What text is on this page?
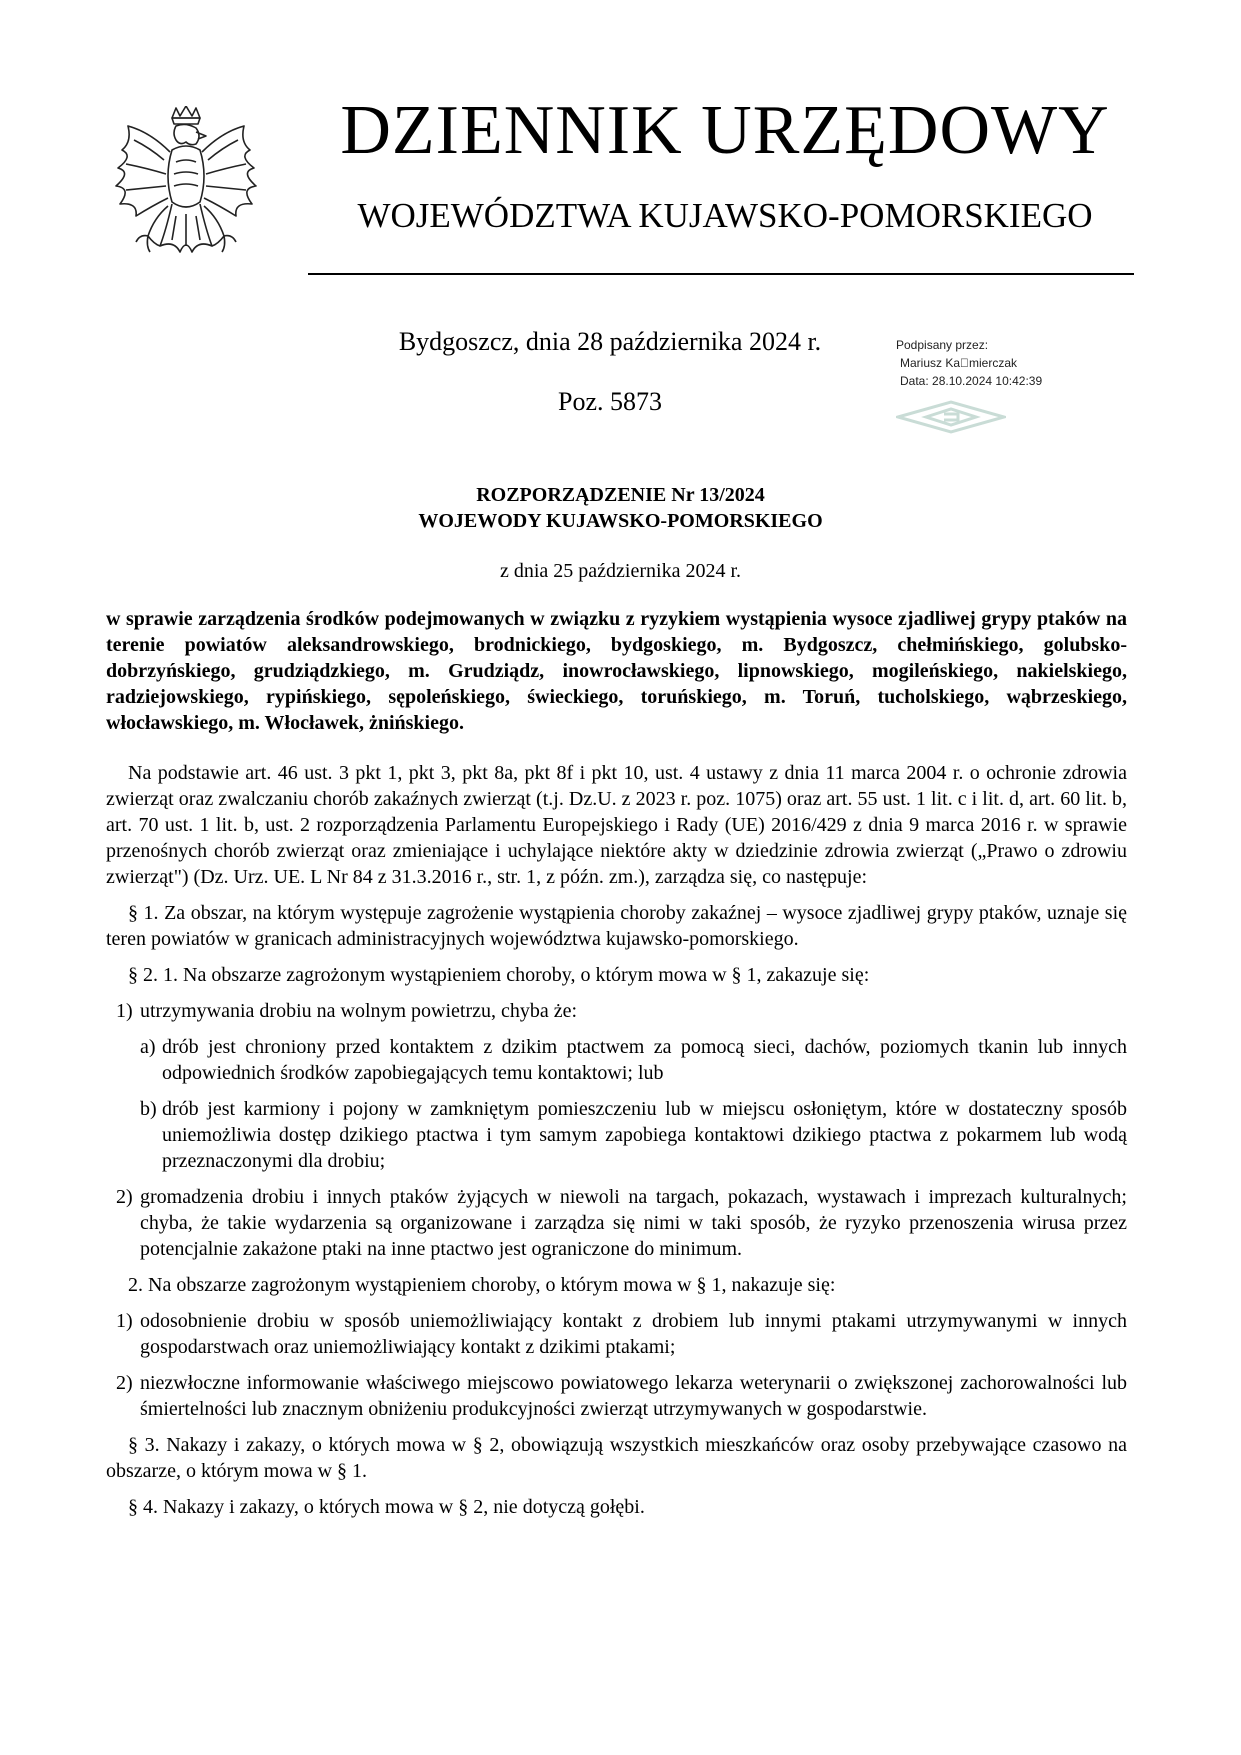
DZIENNIK URZĘDOWY
WOJEWÓDZTWA KUJAWSKO-POMORSKIEGO
Bydgoszcz, dnia 28 października 2024 r.
Poz. 5873
Podpisany przez:
Mariusz Ka mierczak
Data: 28.10.2024 10:42:39
ROZPORZĄDZENIE Nr 13/2024
WOJEWODY KUJAWSKO-POMORSKIEGO
z dnia 25 października 2024 r.

w sprawie zarządzenia środków podejmowanych w związku z ryzykiem wystąpienia wysoce zjadliwej grypy ptaków na terenie powiatów aleksandrowskiego, brodnickiego, bydgoskiego, m. Bydgoszcz, chełmińskiego, golubsko-dobrzyńskiego, grudziądzkiego, m. Grudziądz, inowrocławskiego, lipnowskiego, mogileńskiego, nakielskiego, radziejowskiego, rypińskiego, sępoleńskiego, świeckiego, toruńskiego, m. Toruń, tucholskiego, wąbrzeskiego, włocławskiego, m. Włocławek, żnińskiego.

Na podstawie art. 46 ust. 3 pkt 1, pkt 3, pkt 8a, pkt 8f i pkt 10, ust. 4 ustawy z dnia 11 marca 2004 r. o ochronie zdrowia zwierząt oraz zwalczaniu chorób zakaźnych zwierząt (t.j. Dz.U. z 2023 r. poz. 1075) oraz art. 55 ust. 1 lit. c i lit. d, art. 60 lit. b, art. 70 ust. 1 lit. b, ust. 2 rozporządzenia Parlamentu Europejskiego i Rady (UE) 2016/429 z dnia 9 marca 2016 r. w sprawie przenośnych chorób zwierząt oraz zmieniające i uchylające niektóre akty w dziedzinie zdrowia zwierząt („Prawo o zdrowiu zwierząt") (Dz. Urz. UE. L Nr 84 z 31.3.2016 r., str. 1, z późn. zm.), zarządza się, co następuje:

§ 1. Za obszar, na którym występuje zagrożenie wystąpienia choroby zakaźnej – wysoce zjadliwej grypy ptaków, uznaje się teren powiatów w granicach administracyjnych województwa kujawsko-pomorskiego.

§ 2. 1. Na obszarze zagrożonym wystąpieniem choroby, o którym mowa w § 1, zakazuje się:

1) utrzymywania drobiu na wolnym powietrzu, chyba że:
a) drób jest chroniony przed kontaktem z dzikim ptactwem za pomocą sieci, dachów, poziomych tkanin lub innych odpowiednich środków zapobiegających temu kontaktowi; lub
b) drób jest karmiony i pojony w zamkniętym pomieszczeniu lub w miejscu osłoniętym, które w dostateczny sposób uniemożliwia dostęp dzikiego ptactwa i tym samym zapobiega kontaktowi dzikiego ptactwa z pokarmem lub wodą przeznaczonymi dla drobiu;
2) gromadzenia drobiu i innych ptaków żyjących w niewoli na targach, pokazach, wystawach i imprezach kulturalnych; chyba, że takie wydarzenia są organizowane i zarządza się nimi w taki sposób, że ryzyko przenoszenia wirusa przez potencjalnie zakażone ptaki na inne ptactwo jest ograniczone do minimum.

2. Na obszarze zagrożonym wystąpieniem choroby, o którym mowa w § 1, nakazuje się:

1) odosobnienie drobiu w sposób uniemożliwiający kontakt z drobiem lub innymi ptakami utrzymywanymi w innych gospodarstwach oraz uniemożliwiający kontakt z dzikimi ptakami;
2) niezwłoczne informowanie właściwego miejscowo powiatowego lekarza weterynarii o zwiększonej zachorowalności lub śmiertelności lub znacznym obniżeniu produkcyjności zwierząt utrzymywanych w gospodarstwie.

§ 3. Nakazy i zakazy, o których mowa w § 2, obowiązują wszystkich mieszkańców oraz osoby przebywające czasowo na obszarze, o którym mowa w § 1.

§ 4. Nakazy i zakazy, o których mowa w § 2, nie dotyczą gołębi.
